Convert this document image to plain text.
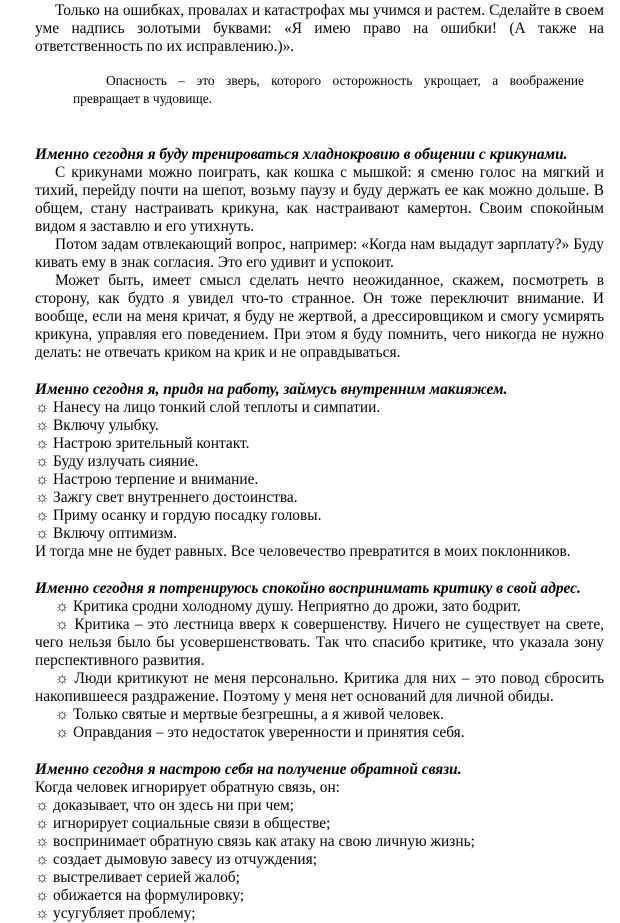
Только на ошибках, провалах и катастрофах мы учимся и растем. Сделайте в своем уме надпись золотыми буквами: «Я имею право на ошибки! (А также на ответственность по их исправлению.)».

Опасность – это зверь, которого осторожность укрощает, а воображение превращает в чудовище.

Именно сегодня я буду тренироваться хладнокровию в общении с крикунами.

С крикунами можно поиграть, как кошка с мышкой: я сменю голос на мягкий и тихий, перейду почти на шепот, возьму паузу и буду держать ее как можно дольше. В общем, стану настраивать крикуна, как настраивают камертон. Своим спокойным видом я заставлю и его утихнуть.

Потом задам отвлекающий вопрос, например: «Когда нам выдадут зарплату?» Буду кивать ему в знак согласия. Это его удивит и успокоит.

Может быть, имеет смысл сделать нечто неожиданное, скажем, посмотреть в сторону, как будто я увидел что-то странное. Он тоже переключит внимание. И вообще, если на меня кричат, я буду не жертвой, а дрессировщиком и смогу усмирять крикуна, управляя его поведением. При этом я буду помнить, чего никогда не нужно делать: не отвечать криком на крик и не оправдываться.

Именно сегодня я, придя на работу, займусь внутренним макияжем.

☼ Нанесу на лицо тонкий слой теплоты и симпатии.

☼ Включу улыбку.

☼ Настрою зрительный контакт.

☼ Буду излучать сияние.

☼ Настрою терпение и внимание.

☼ Зажгу свет внутреннего достоинства.

☼ Приму осанку и гордую посадку головы.

☼ Включу оптимизм.

И тогда мне не будет равных. Все человечество превратится в моих поклонников.

Именно сегодня я потренируюсь спокойно воспринимать критику в свой адрес.

☼ Критика сродни холодному душу. Неприятно до дрожи, зато бодрит.

☼ Критика – это лестница вверх к совершенству. Ничего не существует на свете, чего нельзя было бы усовершенствовать. Так что спасибо критике, что указала зону перспективного развития.

☼ Люди критикуют не меня персонально. Критика для них – это повод сбросить накопившееся раздражение. Поэтому у меня нет оснований для личной обиды.

☼ Только святые и мертвые безгрешны, а я живой человек.

☼ Оправдания – это недостаток уверенности и принятия себя.

Именно сегодня я настрою себя на получение обратной связи.

Когда человек игнорирует обратную связь, он:

☼ доказывает, что он здесь ни при чем;

☼ игнорирует социальные связи в обществе;

☼ воспринимает обратную связь как атаку на свою личную жизнь;

☼ создает дымовую завесу из отчуждения;

☼ выстреливает серией жалоб;

☼ обижается на формулировку;

☼ усугубляет проблему;
